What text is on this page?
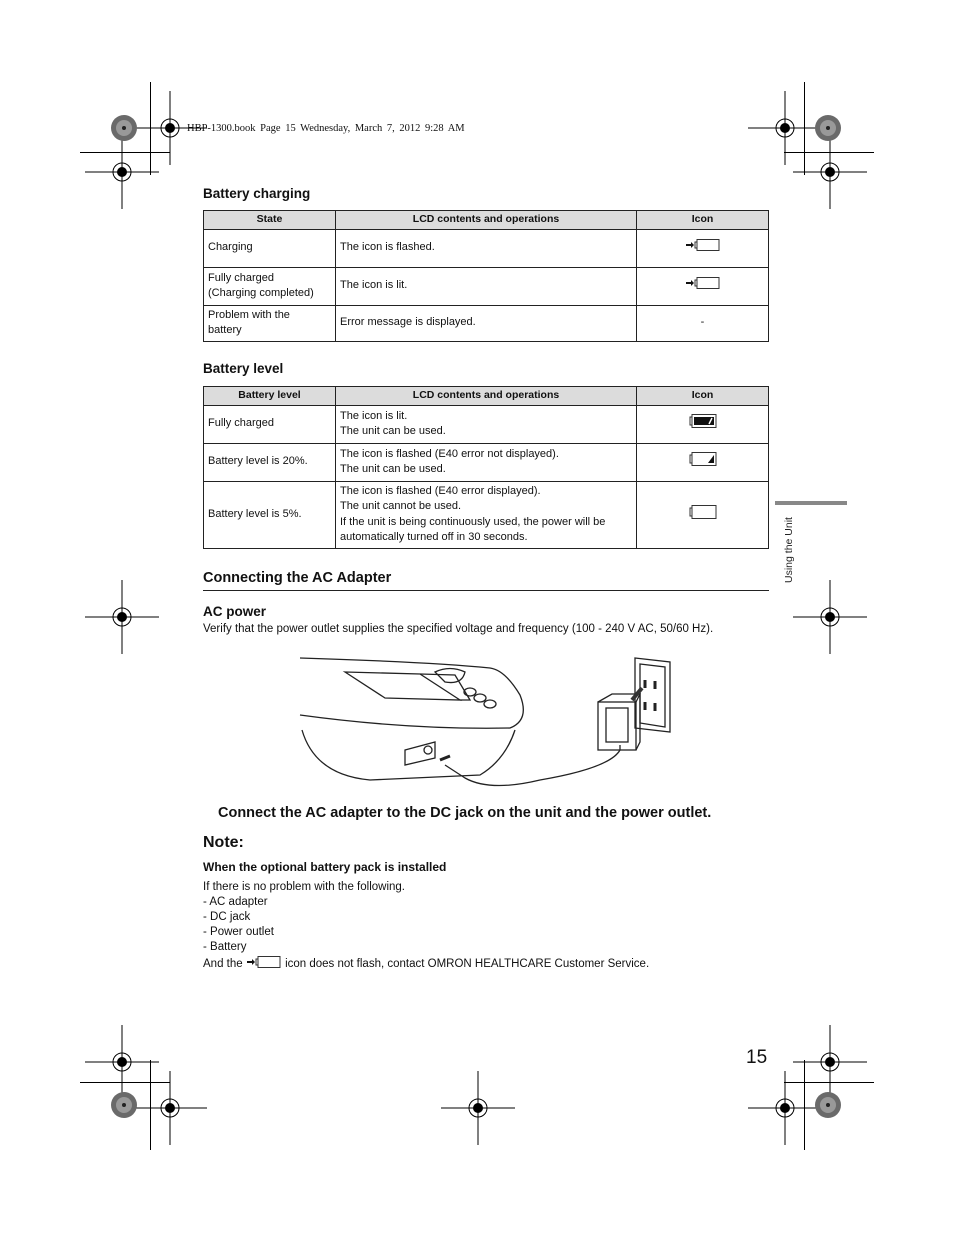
HBP-1300.book Page 15 Wednesday, March 7, 2012 9:28 AM
Battery charging
State	LCD contents and operations	Icon
Charging	The icon is flashed.	
Fully charged
(Charging completed)	The icon is lit.	
Problem with the
battery	Error message is displayed.	-
Battery level
Battery level	LCD contents and operations	Icon
Fully charged	The icon is lit.
The unit can be used.

Battery level is 20%.	The icon is flashed (E40 error not displayed).
The unit can be used.

Battery level is 5%.	The icon is flashed (E40 error displayed).
The unit cannot be used.
If the unit is being continuously used, the power will be automatically turned off in 30 seconds.

Connecting the AC Adapter
AC power
Verify that the power outlet supplies the specified voltage and frequency (100 - 240 V AC, 50/60 Hz).
Connect the AC adapter to the DC jack on the unit and the power outlet.
Note:
When the optional battery pack is installed
If there is no problem with the following.
- AC adapter
- DC jack
- Power outlet
- Battery
And the	icon does not flash, contact OMRON HEALTHCARE Customer Service.
Using the Unit
15
